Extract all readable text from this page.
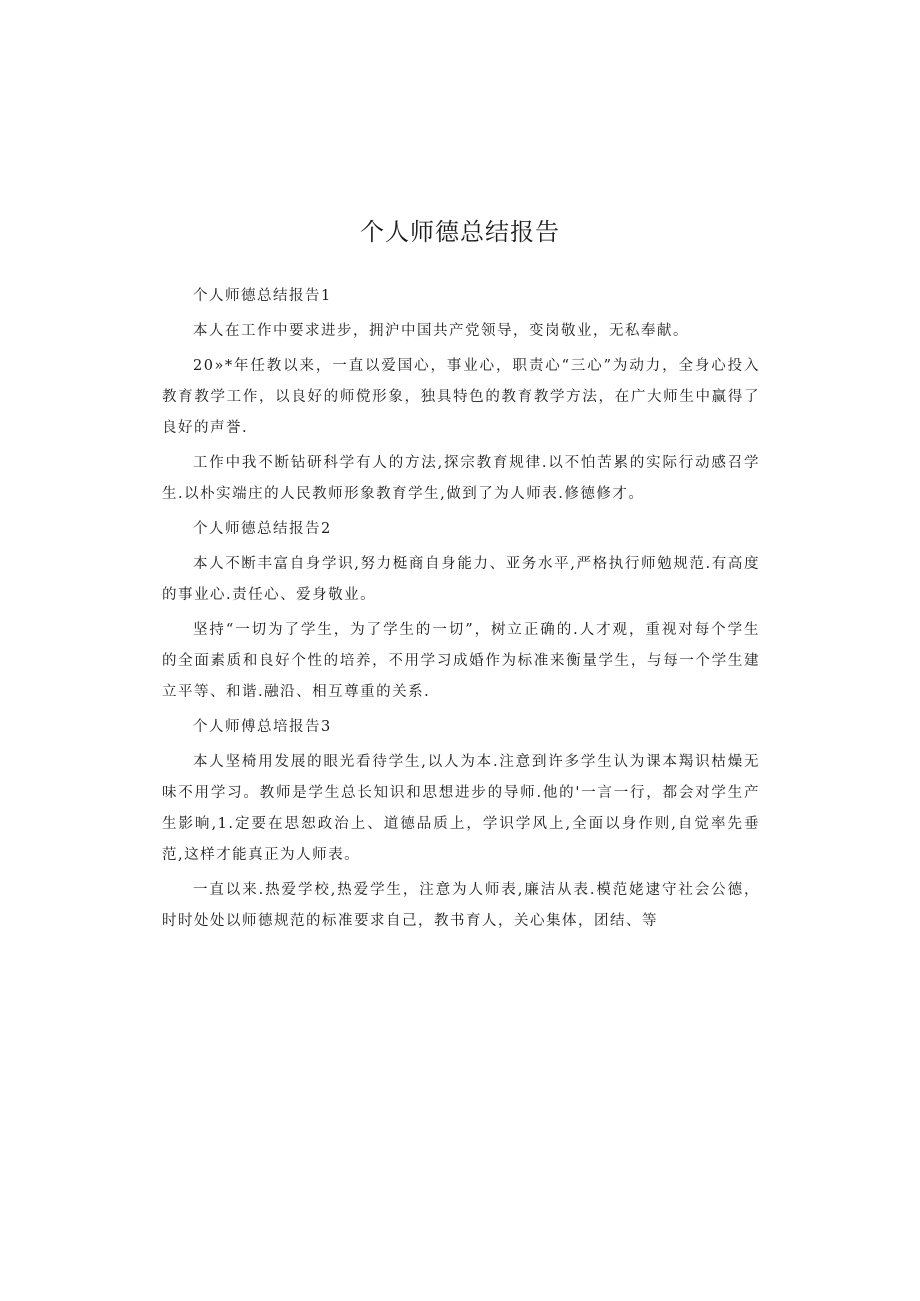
个人师德总结报告

个人师德总结报告1

本人在工作中要求进步，拥沪中国共产党领导，变岗敬业，无私奉献。

20»*年任教以来，一直以爱国心，事业心，职责心“三心”为动力，全身心投入教育教学工作，以良好的师傥形象，独具特色的教育教学方法，在广大师生中赢得了良好的声誉.

工作中我不断钻研科学有人的方法,探宗教育规律.以不怕苦累的实际行动感召学生.以朴实端庄的人民教师形象教育学生,做到了为人师表.修德修才。

个人师德总结报告2

本人不断丰富自身学识,努力梃商自身能力、亚务水平,严格执行师勉规范.有高度的事业心.责任心、爱身敬业。

坚持“一切为了学生，为了学生的一切”，树立正确的.人才观，重视对每个学生的全面素质和良好个性的培养，不用学习成婚作为标准来衡量学生，与每一个学生建立平等、和谐.融沿、相互尊重的关系.

个人师傅总培报告3

本人坚椅用发展的眼光看待学生,以人为本.注意到许多学生认为课本羯识枯燥无味不用学习。教师是学生总长知识和思想进步的导师.他的'一言一行，都会对学生产生影晌,1.定要在思恕政治上、道德品质上，学识学风上,全面以身作则,自觉率先垂范,这样才能真正为人师表。

一直以来.热爱学校,热爱学生，注意为人师表,廉洁从表.模范姥逮守社会公德，时时处处以师德规范的标准要求自己，教书育人，关心集体，团结、等
